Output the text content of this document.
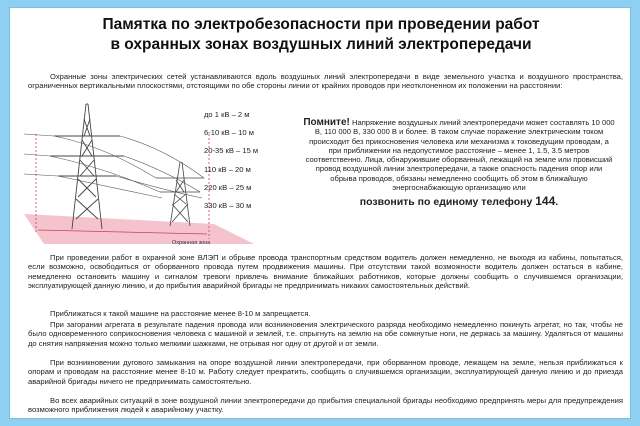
Памятка по электробезопасности при проведении работ
в охранных зонах воздушных линий электропередачи

Охранные зоны электрических сетей устанавливаются вдоль воздушных линий электропередачи в виде земельного участка и воздушного пространства, ограниченных вертикальными плоскостями, отстоящими по обе стороны линии от крайних проводов при неотклоненном их положении на расстоянии:

Охранная зона
до 1 кВ – 2 м
6-10 кВ – 10 м
20-35 кВ – 15 м
110 кВ – 20 м
220 кВ – 25 м
330 кВ – 30 м
Помните! Напряжение воздушных линий электропередачи может составлять 10 000 В, 110 000 В, 330 000 В и более. В таком случае поражение электрическим током происходит без прикосновения человека или механизма к токоведущим проводам, а при приближении на недопустимое расстояние – менее 1, 1.5, 3.5 метров соответственно. Лица, обнаружившие оборванный, лежащий на земле или провисший провод воздушной линии электропередачи, а также опасность падения опор или обрыва проводов, обязаны немедленно сообщить об этом в ближайшую энергоснабжающую организацию или
позвонить по единому телефону 144.

При проведении работ в охранной зоне ВЛЭП и обрыве провода транспортным средством водитель должен немедленно, не выходя из кабины, попытаться, если возможно, освободиться от оборванного провода путем продвижения машины. При отсутствии такой возможности водитель должен остаться в кабине, немедленно остановить машину и сигналом тревоги привлечь внимание ближайших работников, которые должны сообщить о случившемся организации, эксплуатирующей данную линию, и до прибытия аварийной бригады не предпринимать никаких самостоятельных действий.

Приближаться к такой машине на расстояние менее 8-10 м запрещается.

При загорании агрегата в результате падения провода или возникновения электрического разряда необходимо немедленно покинуть агрегат, но так, чтобы не было одновременного соприкосновения человека с машиной и землей, т.е. спрыгнуть на землю на обе сомкнутые ноги, не держась за машину. Удаляться от машины до снятия напряжения можно только мелкими шажками, не отрывая ног одну от другой и от земли.

При возникновении дугового замыкания на опоре воздушной линии электропередачи, при оборванном проводе, лежащем на земле, нельзя приближаться к опорам и проводам на расстояние менее 8-10 м. Работу следует прекратить, сообщить о случившемся организации, эксплуатирующей данную линию и до приезда аварийной бригады ничего не предпринимать самостоятельно.

Во всех аварийных ситуаций в зоне воздушной линии электропередачи до прибытия специальной бригады необходимо предпринять меры для предупреждения возможного приближения людей к аварийному участку.
